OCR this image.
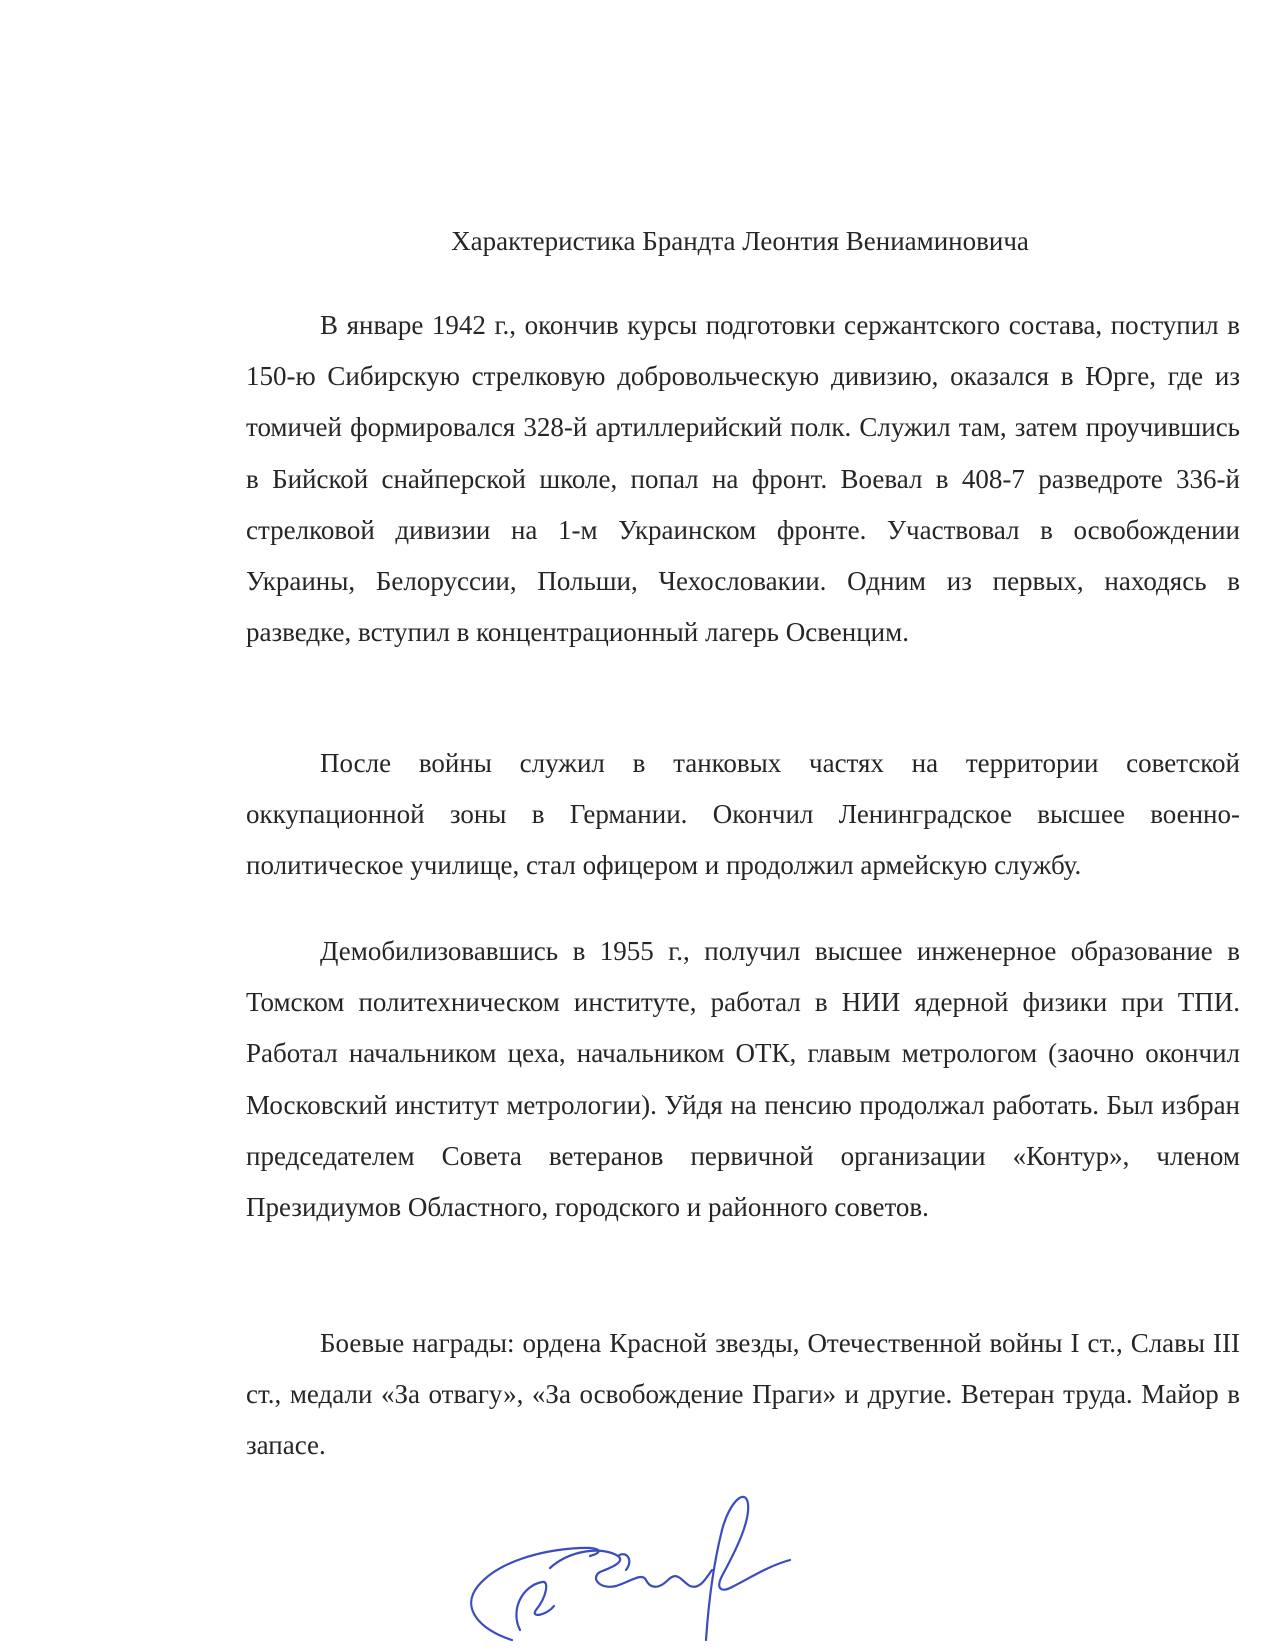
Характеристика Брандта Леонтия Вениаминовича

В январе 1942 г., окончив курсы подготовки сержантского состава, поступил в 150-ю Сибирскую стрелковую добровольческую дивизию, оказался в Юрге, где из томичей формировался 328-й артиллерийский полк. Служил там, затем проучившись в Бийской снайперской школе, попал на фронт. Воевал в 408-7 разведроте 336-й стрелковой дивизии на 1-м Украинском фронте. Участвовал в освобождении Украины, Белоруссии, Польши, Чехословакии. Одним из первых, находясь в разведке, вступил в концентрационный лагерь Освенцим.

После войны служил в танковых частях на территории советской оккупационной зоны в Германии. Окончил Ленинградское высшее военно-политическое училище, стал офицером и продолжил армейскую службу.

Демобилизовавшись в 1955 г., получил высшее инженерное образование в Томском политехническом институте, работал в НИИ ядерной физики при ТПИ. Работал начальником цеха, начальником ОТК, главым метрологом (заочно окончил Московский институт метрологии). Уйдя на пенсию продолжал работать. Был избран председателем Совета ветеранов первичной организации «Контур», членом Президиумов Областного, городского и районного советов.

Боевые награды: ордена Красной звезды, Отечественной войны I ст., Славы III ст., медали «За отвагу», «За освобождение Праги» и другие. Ветеран труда. Майор в запасе.
